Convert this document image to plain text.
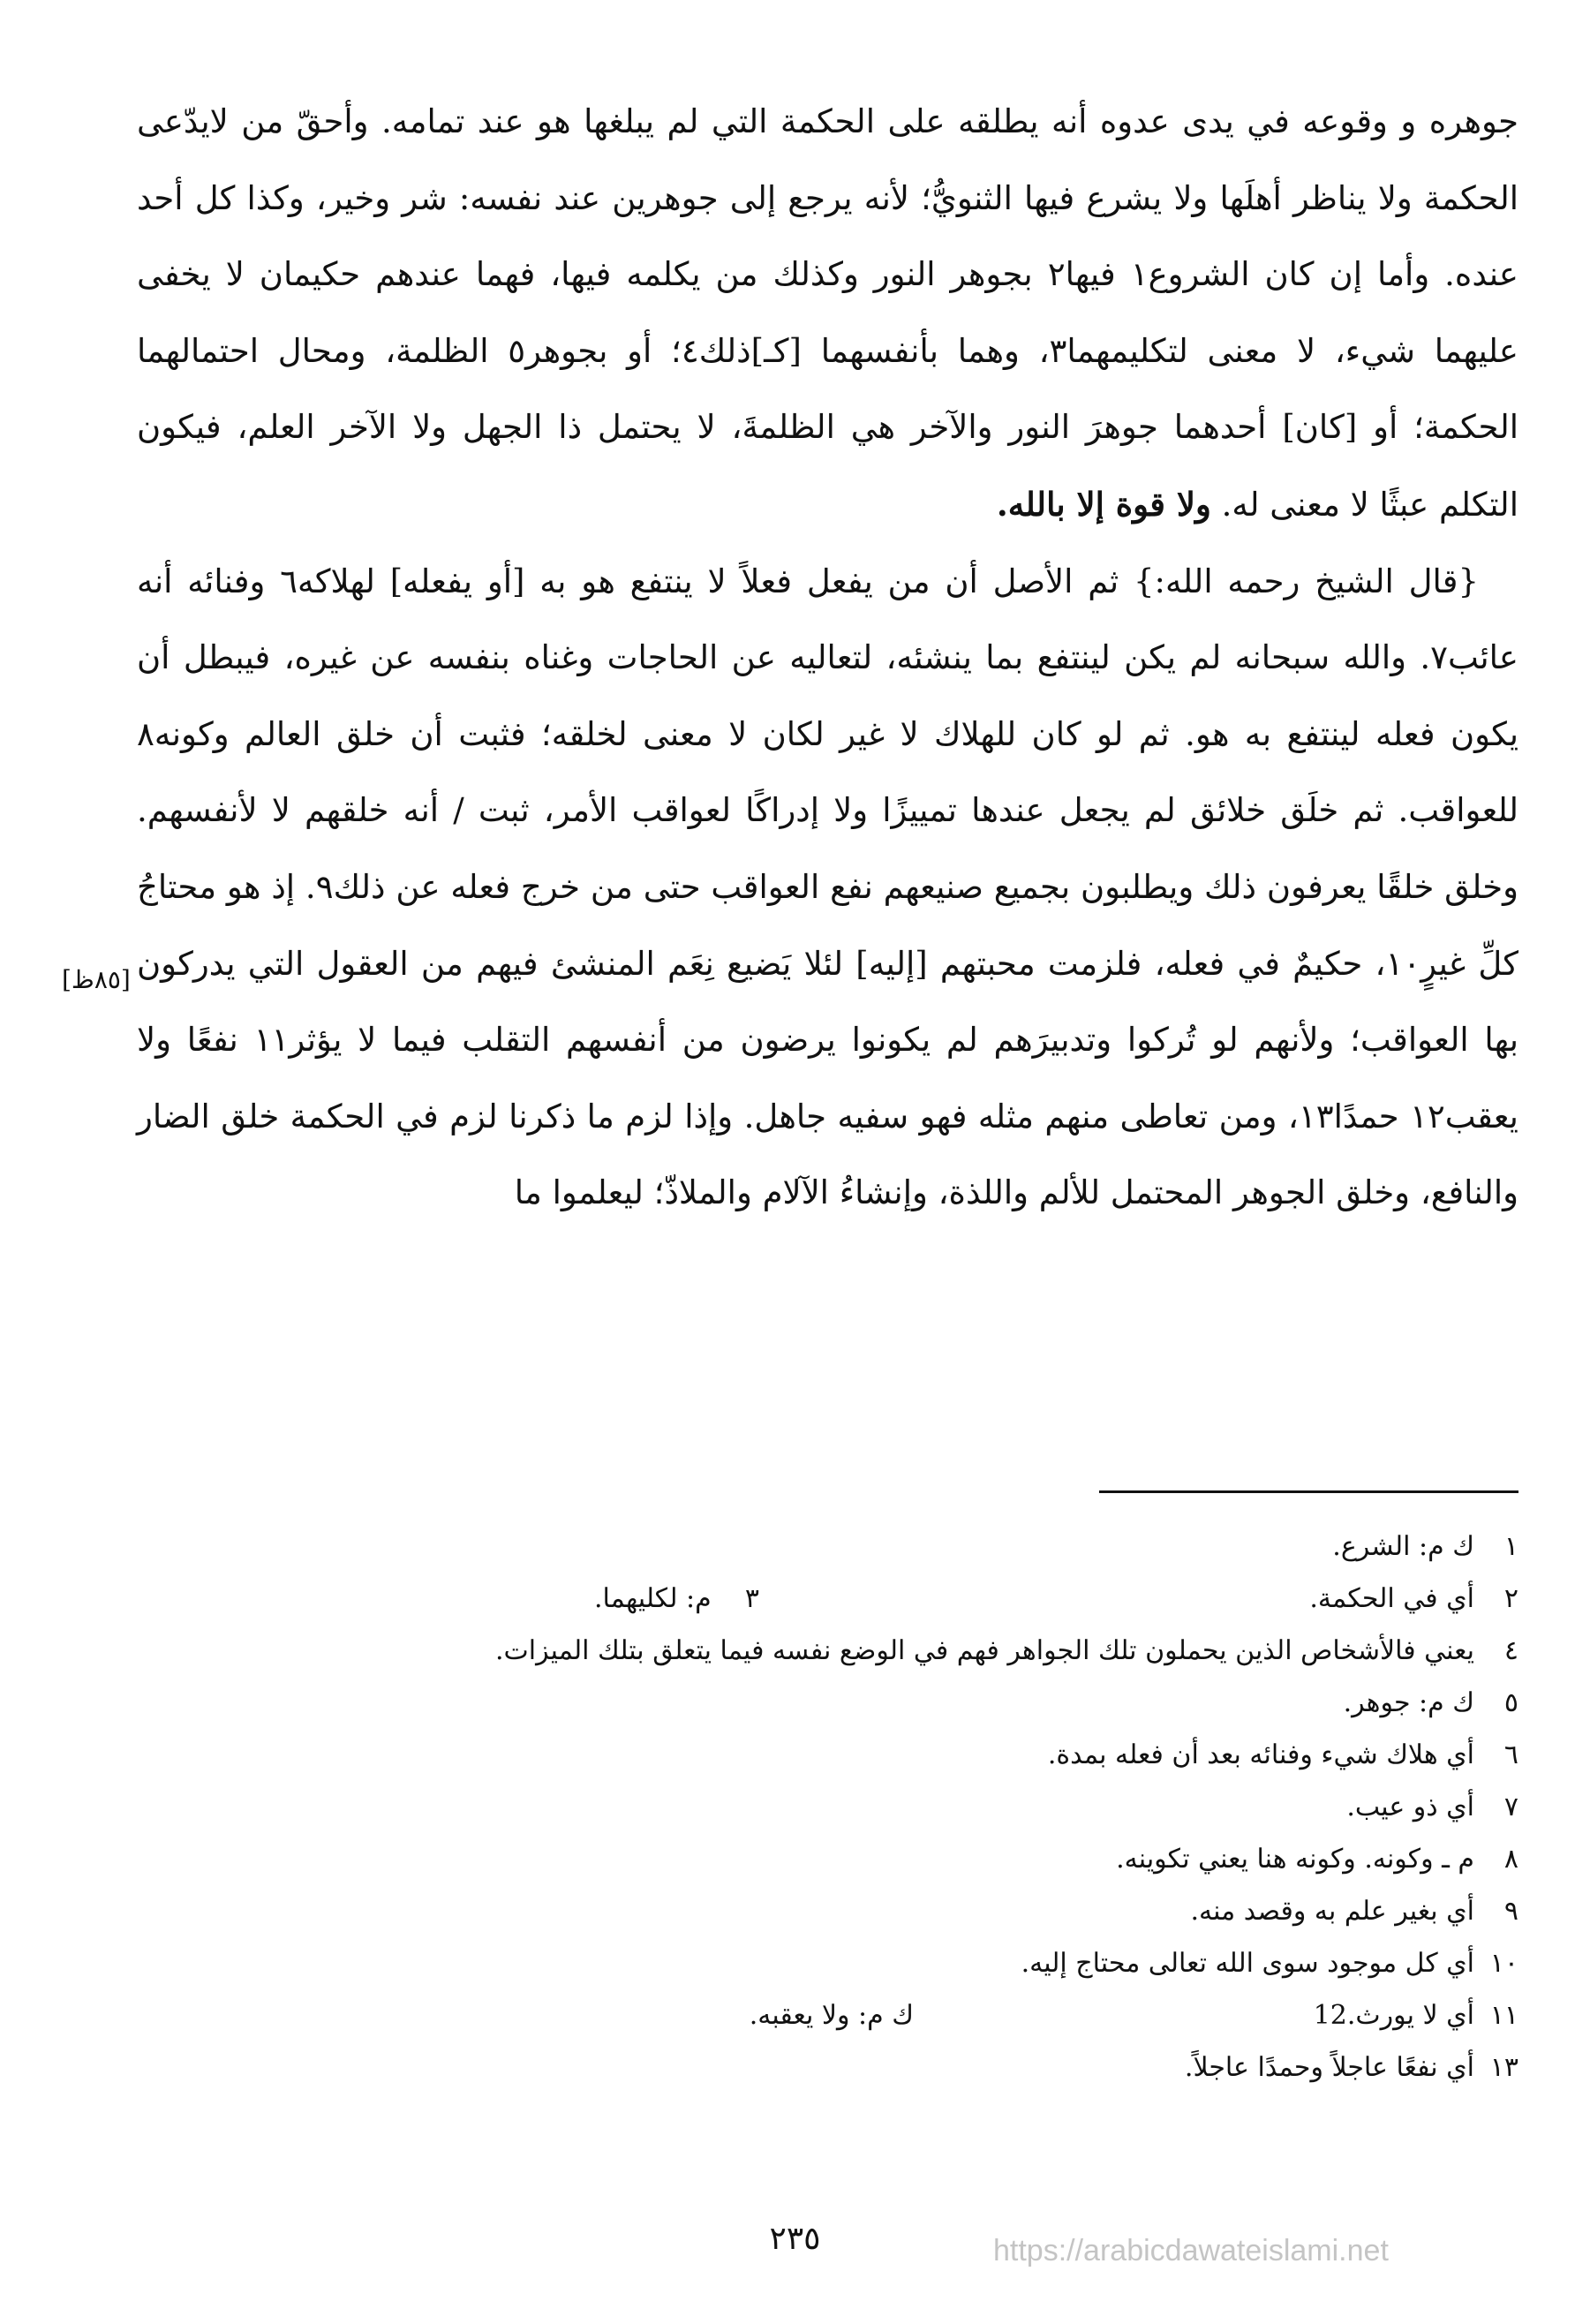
جوهره و وقوعه في يدى عدوه أنه يطلقه على الحكمة التي لم يبلغها هو عند تمامه. وأحقّ من لايدّعى الحكمة ولا يناظر أهلَها ولا يشرع فيها الثنويُّ؛ لأنه يرجع إلى جوهرين عند نفسه: شر وخير، وكذا كل أحد عنده. وأما إن كان الشروع١ فيها٢ بجوهر النور وكذلك من يكلمه فيها، فهما عندهم حكيمان لا يخفى عليهما شيء، لا معنى لتكليمهما٣، وهما بأنفسهما [كـ]ذلك٤؛ أو بجوهر٥ الظلمة، ومحال احتمالهما الحكمة؛ أو [كان] أحدهما جوهرَ النور والآخر هي الظلمةَ، لا يحتمل ذا الجهل ولا الآخر العلم، فيكون التكلم عبثًا لا معنى له. ولا قوة إلا بالله.

{قال الشيخ رحمه الله:} ثم الأصل أن من يفعل فعلاً لا ينتفع هو به [أو يفعله] لهلاكه٦ وفنائه أنه عائب٧. والله سبحانه لم يكن لينتفع بما ينشئه، لتعاليه عن الحاجات وغناه بنفسه عن غيره، فيبطل أن يكون فعله لينتفع به هو. ثم لو كان للهلاك لا غير لكان لا معنى لخلقه؛ فثبت أن خلق العالم وكونه٨ للعواقب. ثم خلَق خلائق لم يجعل عندها تمييزًا ولا إدراكًا لعواقب الأمر، ثبت / أنه خلقهم لا لأنفسهم. وخلق خلقًا يعرفون ذلك ويطلبون بجميع صنيعهم نفع العواقب حتى من خرج فعله عن ذلك٩. إذ هو محتاجُ كلِّ غيرٍ١٠، حكيمٌ في فعله، فلزمت محبتهم [إليه] لئلا يَضيع نِعَم المنشئ فيهم من العقول التي يدركون بها العواقب؛ ولأنهم لو تُركوا وتدبيرَهم لم يكونوا يرضون من أنفسهم التقلب فيما لا يؤثر١١ نفعًا ولا يعقب١٢ حمدًا١٣، ومن تعاطى منهم مثله فهو سفيه جاهل. وإذا لزم ما ذكرنا لزم في الحكمة خلق الضار والنافع، وخلق الجوهر المحتمل للألم واللذة، وإنشاءُ الآلام والملاذّ؛ ليعلموا ما

[٨٥ظ]
١
ك م: الشرع.
٢
أي في الحكمة.
٣    م: لكليهما.
٤
يعني فالأشخاص الذين يحملون تلك الجواهر فهم في الوضع نفسه فيما يتعلق بتلك الميزات.
٥
ك م: جوهر.
٦
أي هلاك شيء وفنائه بعد أن فعله بمدة.
٧
أي ذو عيب.
٨
م ـ وكونه. وكونه هنا يعني تكوينه.
٩
أي بغير علم به وقصد منه.
١٠
أي كل موجود سوى الله تعالى محتاج إليه.
١١
أي لا يورث.12
ك م: ولا يعقبه.
١٣
أي نفعًا عاجلاً وحمدًا عاجلاً.
٢٣٥	https://arabicdawateislami.net
